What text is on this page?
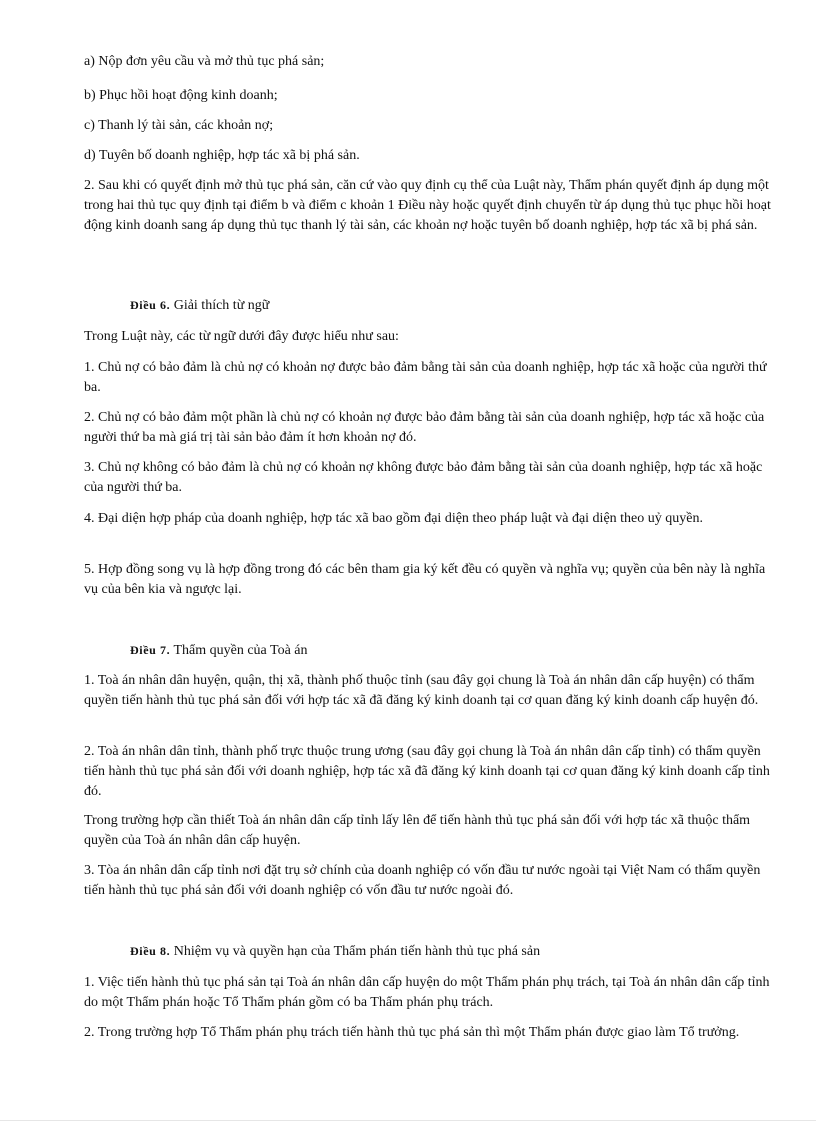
a) Nộp đơn yêu cầu và mở thủ tục phá sản;

b) Phục hồi hoạt động kinh doanh;

c) Thanh lý tài sản, các khoản nợ;

d) Tuyên bố doanh nghiệp, hợp tác xã bị phá sản.

2. Sau khi có quyết định mở thủ tục phá sản, căn cứ vào quy định cụ thể của Luật này, Thẩm phán quyết định áp dụng một trong hai thủ tục quy định tại điểm b và điểm c khoản 1 Điều này hoặc quyết định chuyển từ áp dụng thủ tục phục hồi hoạt động kinh doanh sang áp dụng thủ tục thanh lý tài sản, các khoản nợ hoặc tuyên bố doanh nghiệp, hợp tác xã bị phá sản.

Điều 6. Giải thích từ ngữ

Trong Luật này, các từ ngữ dưới đây được hiểu như sau:

1. Chủ nợ có bảo đảm là chủ nợ có khoản nợ được bảo đảm bằng tài sản của doanh nghiệp, hợp tác xã hoặc của người thứ ba.

2. Chủ nợ có bảo đảm một phần là chủ nợ có khoản nợ được bảo đảm bằng tài sản của doanh nghiệp, hợp tác xã hoặc của người thứ ba mà giá trị tài sản bảo đảm ít hơn khoản nợ đó.

3. Chủ nợ không có bảo đảm là chủ nợ có khoản nợ không được bảo đảm bằng tài sản của doanh nghiệp, hợp tác xã hoặc của người thứ ba.

4. Đại diện hợp pháp của doanh nghiệp, hợp tác xã bao gồm đại diện theo pháp luật và đại diện theo uỷ quyền.

5. Hợp đồng song vụ là hợp đồng trong đó các bên tham gia ký kết đều có quyền và nghĩa vụ; quyền của bên này là nghĩa vụ của bên kia và ngược lại.

Điều 7. Thẩm quyền của Toà án

1. Toà án nhân dân huyện, quận, thị xã, thành phố thuộc tỉnh (sau đây gọi chung là Toà án nhân dân cấp huyện) có thẩm quyền tiến hành thủ tục phá sản đối với hợp tác xã đã đăng ký kinh doanh tại cơ quan đăng ký kinh doanh cấp huyện đó.

2. Toà án nhân dân tỉnh, thành phố trực thuộc trung ương (sau đây gọi chung là Toà án nhân dân cấp tỉnh) có thẩm quyền tiến hành thủ tục phá sản đối với doanh nghiệp, hợp tác xã đã đăng ký kinh doanh tại cơ quan đăng ký kinh doanh cấp tỉnh đó.

Trong trường hợp cần thiết Toà án nhân dân cấp tỉnh lấy lên để tiến hành thủ tục phá sản đối với hợp tác xã thuộc thẩm quyền của Toà án nhân dân cấp huyện.

3. Tòa án nhân dân cấp tỉnh nơi đặt trụ sở chính của doanh nghiệp có vốn đầu tư nước ngoài tại Việt Nam có thẩm quyền tiến hành thủ tục phá sản đối với doanh nghiệp có vốn đầu tư nước ngoài đó.

Điều 8. Nhiệm vụ và quyền hạn của Thẩm phán tiến hành thủ tục phá sản

1. Việc tiến hành thủ tục phá sản tại Toà án nhân dân cấp huyện do một Thẩm phán phụ trách, tại Toà án nhân dân cấp tỉnh do một Thẩm phán hoặc Tổ Thẩm phán gồm có ba Thẩm phán phụ trách.

2. Trong trường hợp Tổ Thẩm phán phụ trách tiến hành thủ tục phá sản thì một Thẩm phán được giao làm Tổ trưởng.
